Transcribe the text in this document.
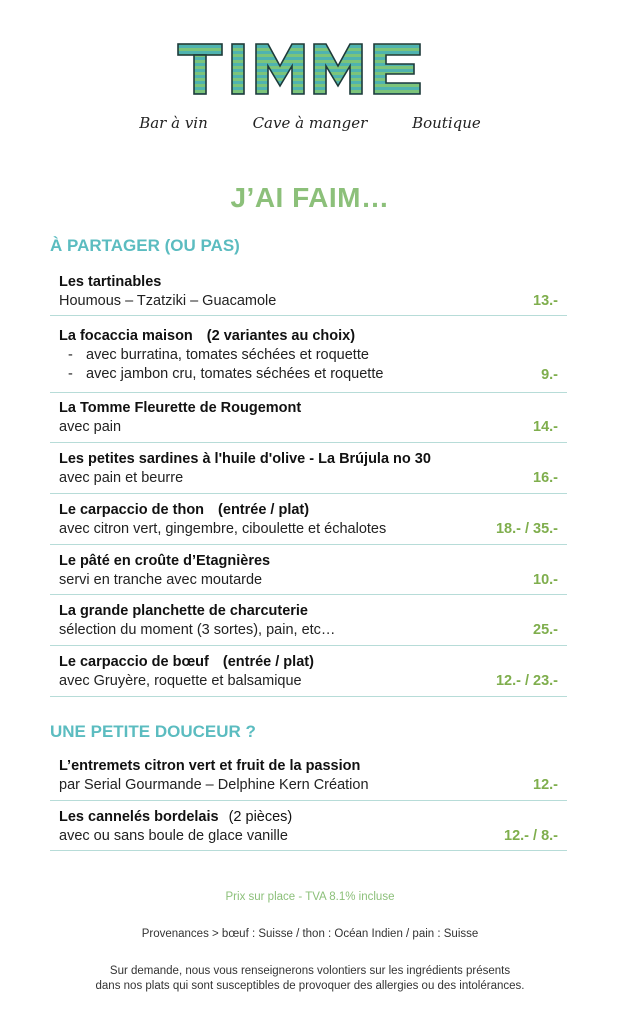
Bar à vin	Cave à manger	Boutique
J’AI FAIM…
À PARTAGER (OU PAS)
Les tartinables
Houmous – Tzatziki – Guacamole	13.-
La focaccia maison (2 variantes au choix)
- avec burratina, tomates séchées et roquette
- avec jambon cru, tomates séchées et roquette	9.-
La Tomme Fleurette de Rougemont
avec pain	14.-
Les petites sardines à l'huile d'olive - La Brújula no 30
avec pain et beurre	16.-
Le carpaccio de thon (entrée / plat)
avec citron vert, gingembre, ciboulette et échalotes	18.- / 35.-
Le pâté en croûte d’Etagnières
servi en tranche avec moutarde	10.-
La grande planchette de charcuterie
sélection du moment (3 sortes), pain, etc…	25.-
Le carpaccio de bœuf (entrée / plat)
avec Gruyère, roquette et balsamique	12.- / 23.-
UNE PETITE DOUCEUR ?
L’entremets citron vert et fruit de la passion
par Serial Gourmande – Delphine Kern Création	12.-
Les cannelés bordelais (2 pièces)
avec ou sans boule de glace vanille	12.- / 8.-
Prix sur place - TVA 8.1% incluse
Provenances > bœuf : Suisse / thon : Océan Indien / pain : Suisse
Sur demande, nous vous renseignerons volontiers sur les ingrédients présents
dans nos plats qui sont susceptibles de provoquer des allergies ou des intolérances.
